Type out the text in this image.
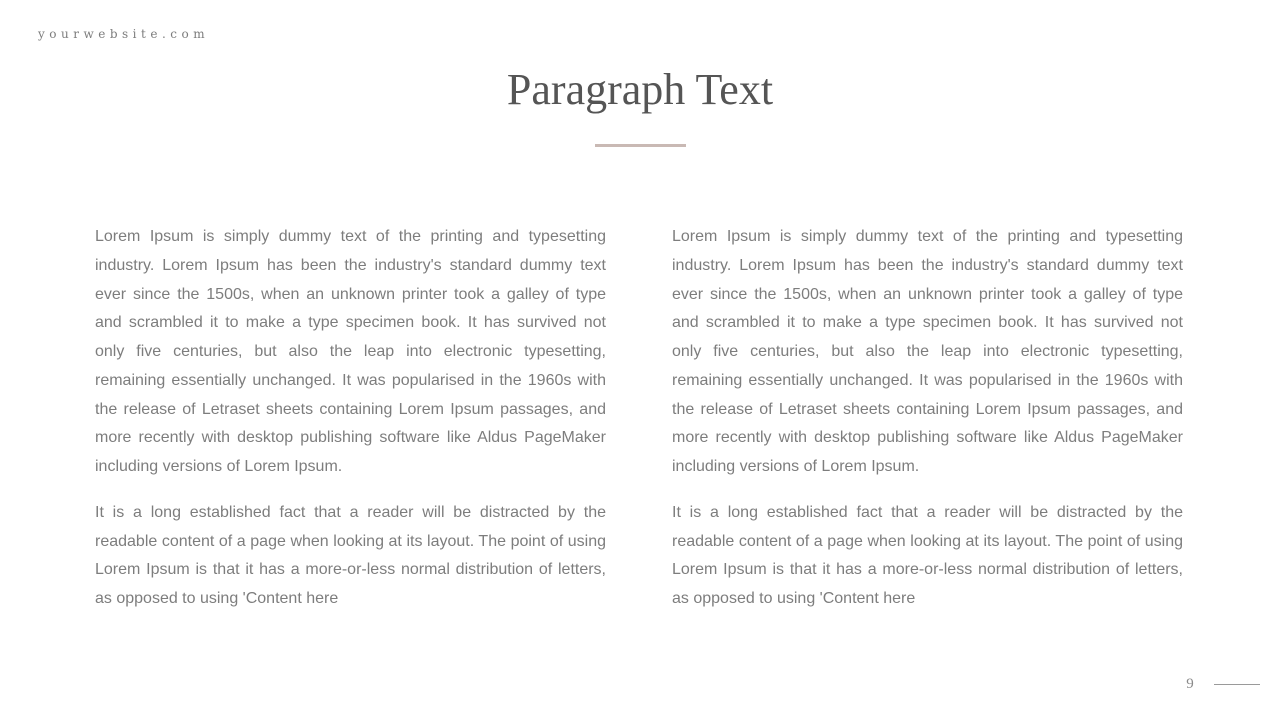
yourwebsite.com

Paragraph Text

Lorem Ipsum is simply dummy text of the printing and typesetting industry. Lorem Ipsum has been the industry's standard dummy text ever since the 1500s, when an unknown printer took a galley of type and scrambled it to make a type specimen book. It has survived not only five centuries, but also the leap into electronic typesetting, remaining essentially unchanged. It was popularised in the 1960s with the release of Letraset sheets containing Lorem Ipsum passages, and more recently with desktop publishing software like Aldus PageMaker including versions of Lorem Ipsum.

It is a long established fact that a reader will be distracted by the readable content of a page when looking at its layout. The point of using Lorem Ipsum is that it has a more-or-less normal distribution of letters, as opposed to using 'Content here

Lorem Ipsum is simply dummy text of the printing and typesetting industry. Lorem Ipsum has been the industry's standard dummy text ever since the 1500s, when an unknown printer took a galley of type and scrambled it to make a type specimen book. It has survived not only five centuries, but also the leap into electronic typesetting, remaining essentially unchanged. It was popularised in the 1960s with the release of Letraset sheets containing Lorem Ipsum passages, and more recently with desktop publishing software like Aldus PageMaker including versions of Lorem Ipsum.

It is a long established fact that a reader will be distracted by the readable content of a page when looking at its layout. The point of using Lorem Ipsum is that it has a more-or-less normal distribution of letters, as opposed to using 'Content here

9
